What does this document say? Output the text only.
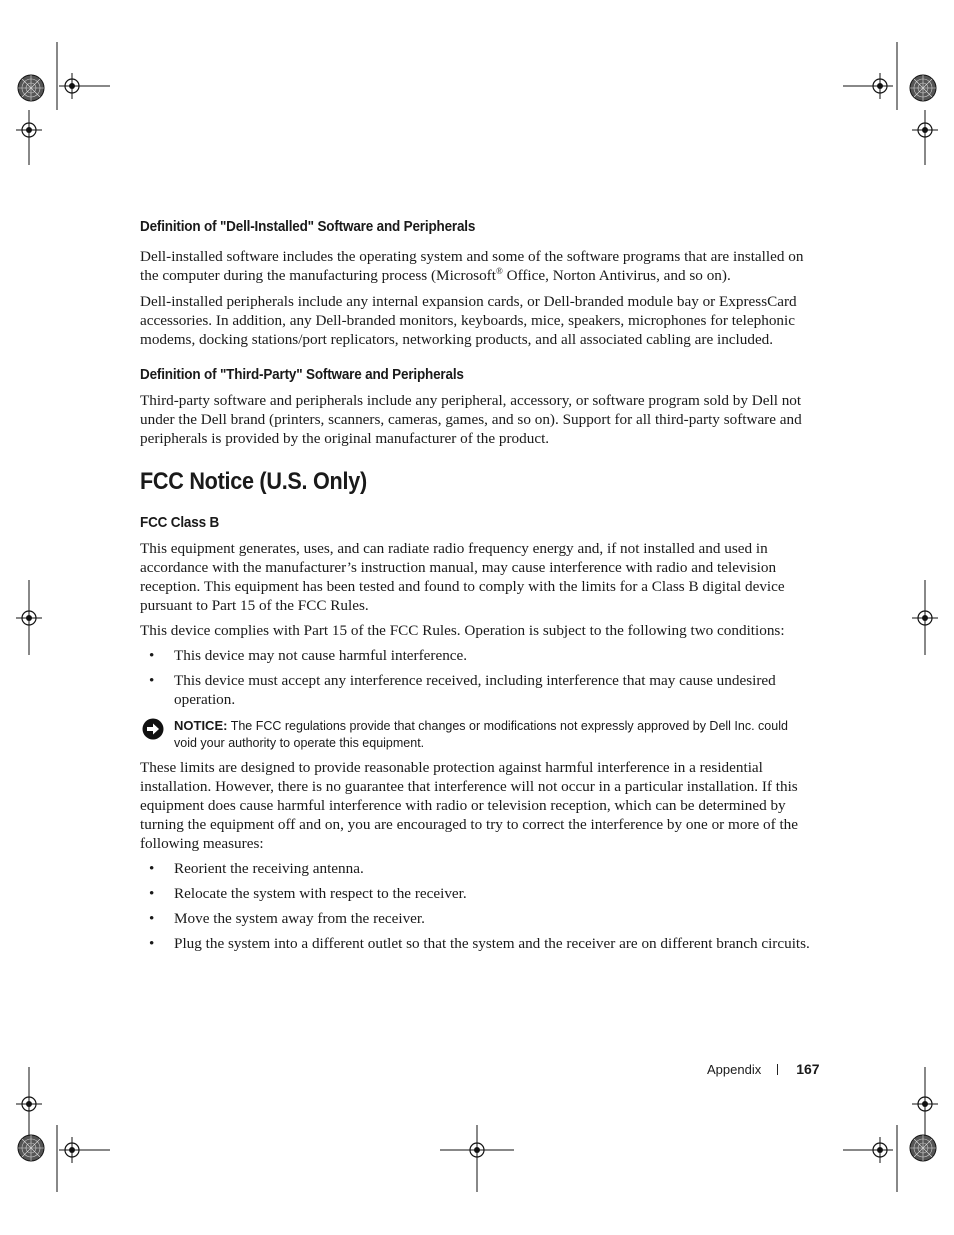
Definition of "Dell-Installed" Software and Peripherals

Dell-installed software includes the operating system and some of the software programs that are installed on the computer during the manufacturing process (Microsoft® Office, Norton Antivirus, and so on).

Dell-installed peripherals include any internal expansion cards, or Dell-branded module bay or ExpressCard accessories. In addition, any Dell-branded monitors, keyboards, mice, speakers, microphones for telephonic modems, docking stations/port replicators, networking products, and all associated cabling are included.

Definition of "Third-Party" Software and Peripherals

Third-party software and peripherals include any peripheral, accessory, or software program sold by Dell not under the Dell brand (printers, scanners, cameras, games, and so on). Support for all third-party software and peripherals is provided by the original manufacturer of the product.

FCC Notice (U.S. Only)
FCC Class B

This equipment generates, uses, and can radiate radio frequency energy and, if not installed and used in accordance with the manufacturer’s instruction manual, may cause interference with radio and television reception. This equipment has been tested and found to comply with the limits for a Class B digital device pursuant to Part 15 of the FCC Rules.

This device complies with Part 15 of the FCC Rules. Operation is subject to the following two conditions:

• This device may not cause harmful interference.
• This device must accept any interference received, including interference that may cause undesired operation.
NOTICE: The FCC regulations provide that changes or modifications not expressly approved by Dell Inc. could void your authority to operate this equipment.

These limits are designed to provide reasonable protection against harmful interference in a residential installation. However, there is no guarantee that interference will not occur in a particular installation. If this equipment does cause harmful interference with radio or television reception, which can be determined by turning the equipment off and on, you are encouraged to try to correct the interference by one or more of the following measures:

• Reorient the receiving antenna.
• Relocate the system with respect to the receiver.
• Move the system away from the receiver.
• Plug the system into a different outlet so that the system and the receiver are on different branch circuits.
Appendix	167
